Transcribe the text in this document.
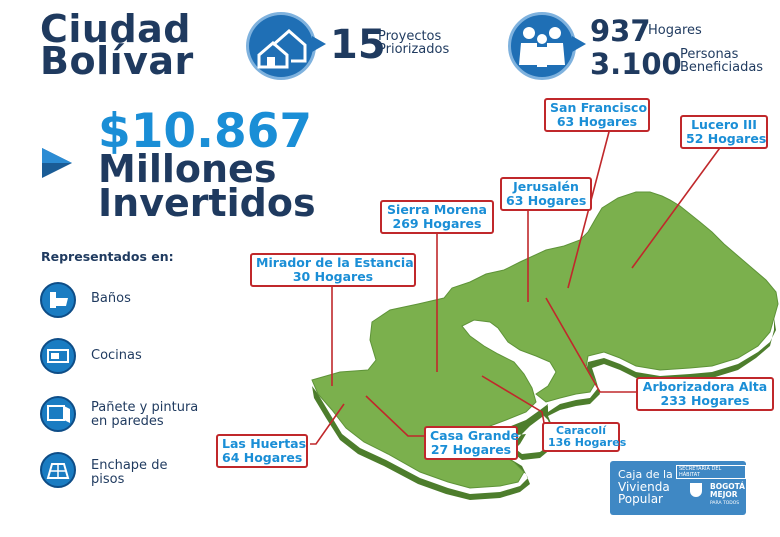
Ciudad
Bolívar	15
Proyectos
Priorizados
937
Hogares
3.100
Personas
Beneficiadas
$10.867
Millones
Invertidos
Representados en:
Baños
Cocinas
Pañete y pintura
en paredes
Enchape de
pisos
San Francisco
63 Hogares	Lucero III
52 Hogares
Jerusalén
63 Hogares
Sierra Morena
269 Hogares
Mirador de la Estancia
30 Hogares
Arborizadora Alta
233 Hogares
Caracolí
136 Hogares
Casa Grande
27 Hogares
Las Huertas
64 Hogares
Caja de la
Vivienda
Popular
SECRETARÍA DEL HÁBITAT
BOGOTÁ
MEJOR
PARA TODOS
